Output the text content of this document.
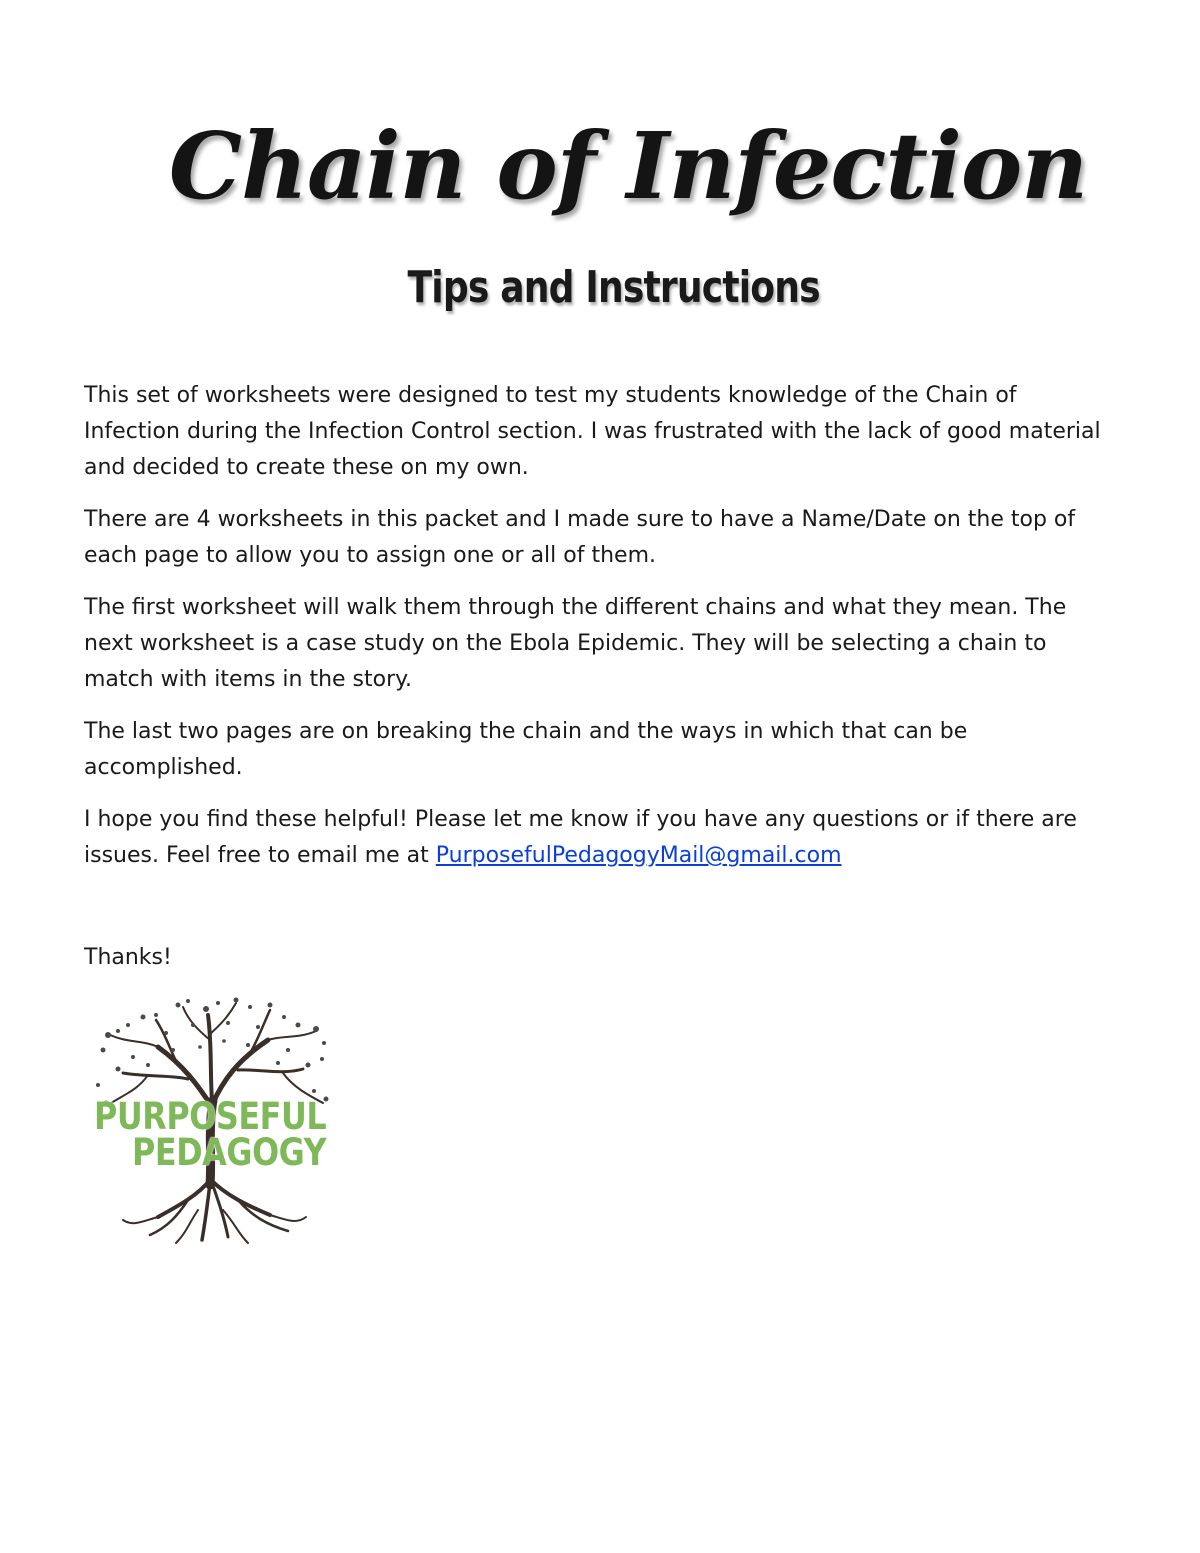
Chain of Infection
Tips and Instructions

This set of worksheets were designed to test my students knowledge of the Chain of Infection during the Infection Control section. I was frustrated with the lack of good material and decided to create these on my own.

There are 4 worksheets in this packet and I made sure to have a Name/Date on the top of each page to allow you to assign one or all of them.

The first worksheet will walk them through the different chains and what they mean. The next worksheet is a case study on the Ebola Epidemic. They will be selecting a chain to match with items in the story.

The last two pages are on breaking the chain and the ways in which that can be accomplished.

I hope you find these helpful! Please let me know if you have any questions or if there are issues. Feel free to email me at PurposefulPedagogyMail@gmail.com

Thanks!
PURPOSEFUL
PEDAGOGY
